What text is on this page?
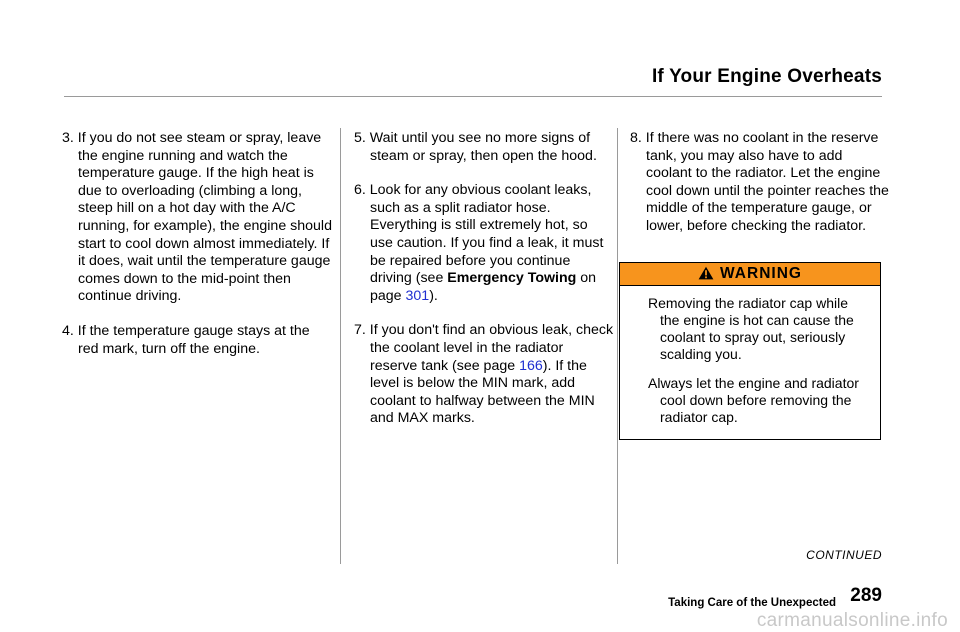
If Your Engine Overheats

3. If you do not see steam or spray, leave the engine running and watch the temperature gauge. If the high heat is due to overloading (climbing a long, steep hill on a hot day with the A/C running, for example), the engine should start to cool down almost immediately. If it does, wait until the temperature gauge comes down to the mid-point then continue driving.

4. If the temperature gauge stays at the red mark, turn off the engine.

5. Wait until you see no more signs of steam or spray, then open the hood.

6. Look for any obvious coolant leaks, such as a split radiator hose. Everything is still extremely hot, so use caution. If you find a leak, it must be repaired before you continue driving (see Emergency Towing on page 301).

7. If you don't find an obvious leak, check the coolant level in the radiator reserve tank (see page 166). If the level is below the MIN mark, add coolant to halfway between the MIN and MAX marks.

8. If there was no coolant in the reserve tank, you may also have to add coolant to the radiator. Let the engine cool down until the pointer reaches the middle of the temperature gauge, or lower, before checking the radiator.

WARNING

Removing the radiator cap while the engine is hot can cause the coolant to spray out, seriously scalding you.

Always let the engine and radiator cool down before removing the radiator cap.

CONTINUED
Taking Care of the Unexpected 289
carmanualsonline.info
